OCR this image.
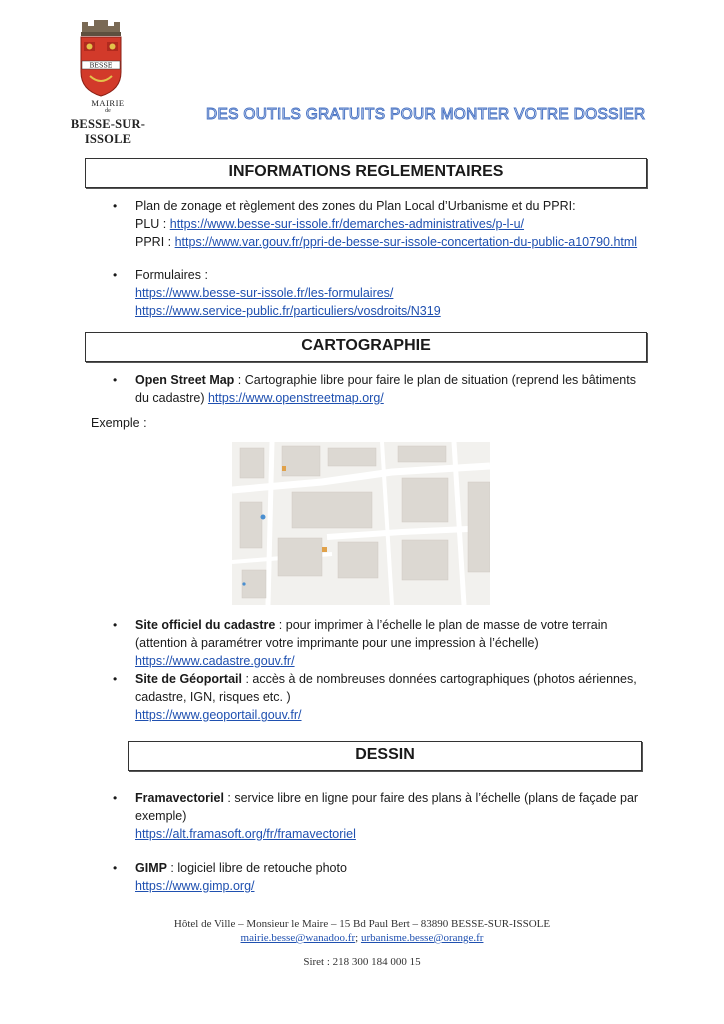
BESSE
MAIRIE
de
BESSE-SUR-ISSOLE
DES OUTILS GRATUITS POUR MONTER VOTRE DOSSIER
INFORMATIONS REGLEMENTAIRES
• Plan de zonage et règlement des zones du Plan Local d’Urbanisme et du PPRI:
PLU : https://www.besse-sur-issole.fr/demarches-administratives/p-l-u/
PPRI : https://www.var.gouv.fr/ppri-de-besse-sur-issole-concertation-du-public-a10790.html
• Formulaires :
https://www.besse-sur-issole.fr/les-formulaires/
https://www.service-public.fr/particuliers/vosdroits/N319
CARTOGRAPHIE
• Open Street Map : Cartographie libre pour faire le plan de situation (reprend les bâtiments
du cadastre) https://www.openstreetmap.org/
Exemple :
• Site officiel du cadastre : pour imprimer à l’échelle le plan de masse de votre terrain
(attention à paramétrer votre imprimante pour une impression à l’échelle)
https://www.cadastre.gouv.fr/
• Site de Géoportail : accès à de nombreuses données cartographiques (photos aériennes,
cadastre, IGN, risques etc. )
https://www.geoportail.gouv.fr/
DESSIN
• Framavectoriel : service libre en ligne pour faire des plans à l’échelle (plans de façade par
exemple)
https://alt.framasoft.org/fr/framavectoriel
• GIMP : logiciel libre de retouche photo
https://www.gimp.org/
Hôtel de Ville – Monsieur le Maire – 15 Bd Paul Bert – 83890 BESSE-SUR-ISSOLE
mairie.besse@wanadoo.fr; urbanisme.besse@orange.fr
Siret : 218 300 184 000 15
